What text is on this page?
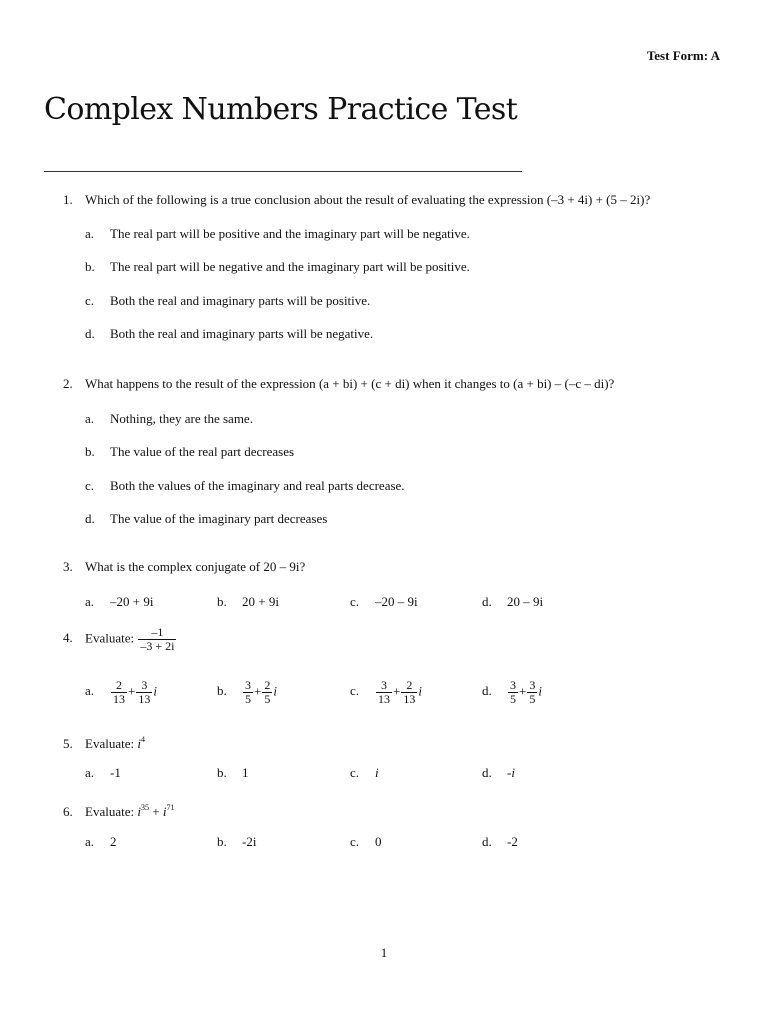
Test Form: A
Complex Numbers Practice Test
1. Which of the following is a true conclusion about the result of evaluating the expression (–3 + 4i) + (5 – 2i)?
a. The real part will be positive and the imaginary part will be negative.
b. The real part will be negative and the imaginary part will be positive.
c. Both the real and imaginary parts will be positive.
d. Both the real and imaginary parts will be negative.
2. What happens to the result of the expression (a + bi) + (c + di) when it changes to (a + bi) – (–c – di)?
a. Nothing, they are the same.
b. The value of the real part decreases
c. Both the values of the imaginary and real parts decrease.
d. The value of the imaginary part decreases
3. What is the complex conjugate of 20 – 9i?
a. –20 + 9i	b. 20 + 9i	c. –20 – 9i	d. 20 – 9i
4. Evaluate: $\frac{-1}{-3 + 2i}$
a. $\frac{2}{13} + \frac{3}{13}$ i	b. $\frac{3}{5} + \frac{2}{5}$ i	c. $\frac{3}{13} + \frac{2}{13}$ i	d. $\frac{3}{5} + \frac{3}{5}$ i
5. Evaluate: $i^4$
a. -1	b. 1	c. i	d. -i
6. Evaluate: $i^{35} + i^{71}$
a. 2	b. -2i	c. 0	d. -2
1
